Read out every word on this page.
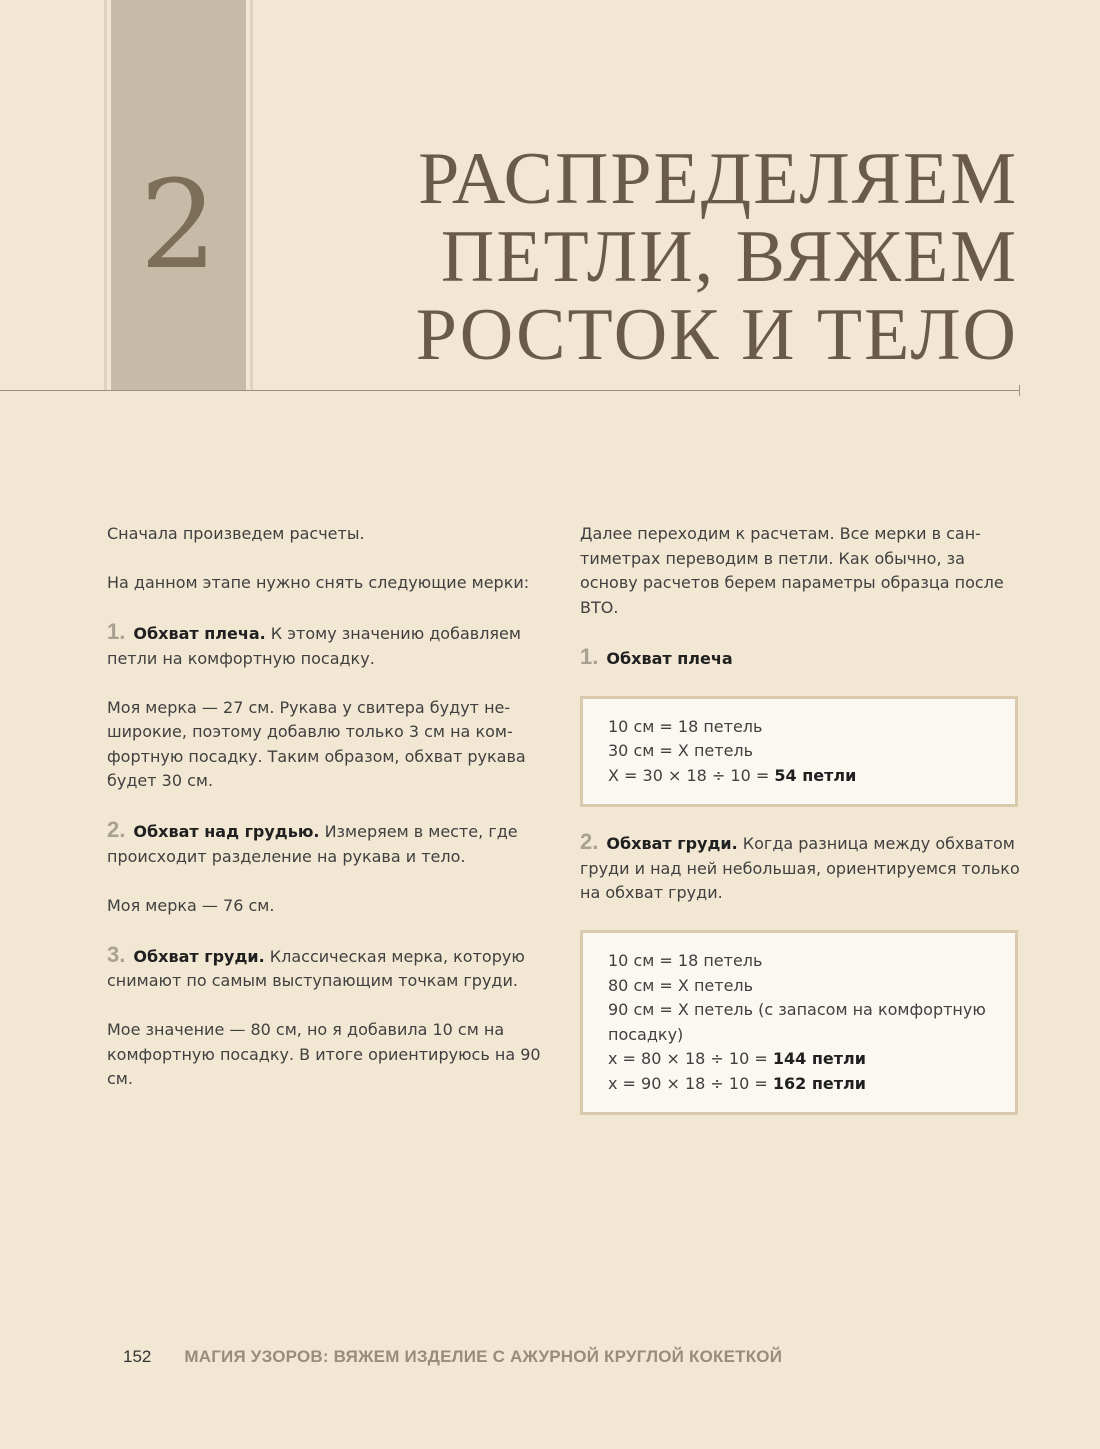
2	РАСПРЕДЕЛЯЕМ
ПЕТЛИ, ВЯЖЕМ
РОСТОК И ТЕЛО

Сначала произведем расчеты.

На данном этапе нужно снять следующие мерки:

1. Обхват плеча. К этому значению добавляем петли на комфортную посадку.

Моя мерка — 27 см. Рукава у свитера будут неширокие, поэтому добавлю только 3 см на комфортную посадку. Таким образом, обхват рукава будет 30 см.

2. Обхват над грудью. Измеряем в месте, где происходит разделение на рукава и тело.

Моя мерка — 76 см.

3. Обхват груди. Классическая мерка, которую снимают по самым выступающим точкам груди.

Мое значение — 80 см, но я добавила 10 см на комфортную посадку. В итоге ориентируюсь на 90 см.

Далее переходим к расчетам. Все мерки в сантиметрах переводим в петли. Как обычно, за основу расчетов берем параметры образца после ВТО.

1. Обхват плеча

10 см = 18 петель
30 см = X петель
X = 30 × 18 ÷ 10 = 54 петли

2. Обхват груди. Когда разница между обхватом груди и над ней небольшая, ориентируемся только на обхват груди.

10 см = 18 петель
80 см = X петель
90 см = X петель (с запасом на комфортную посадку)
x = 80 × 18 ÷ 10 = 144 петли
x = 90 × 18 ÷ 10 = 162 петли
152 МАГИЯ УЗОРОВ: ВЯЖЕМ ИЗДЕЛИЕ С АЖУРНОЙ КРУГЛОЙ КОКЕТКОЙ
